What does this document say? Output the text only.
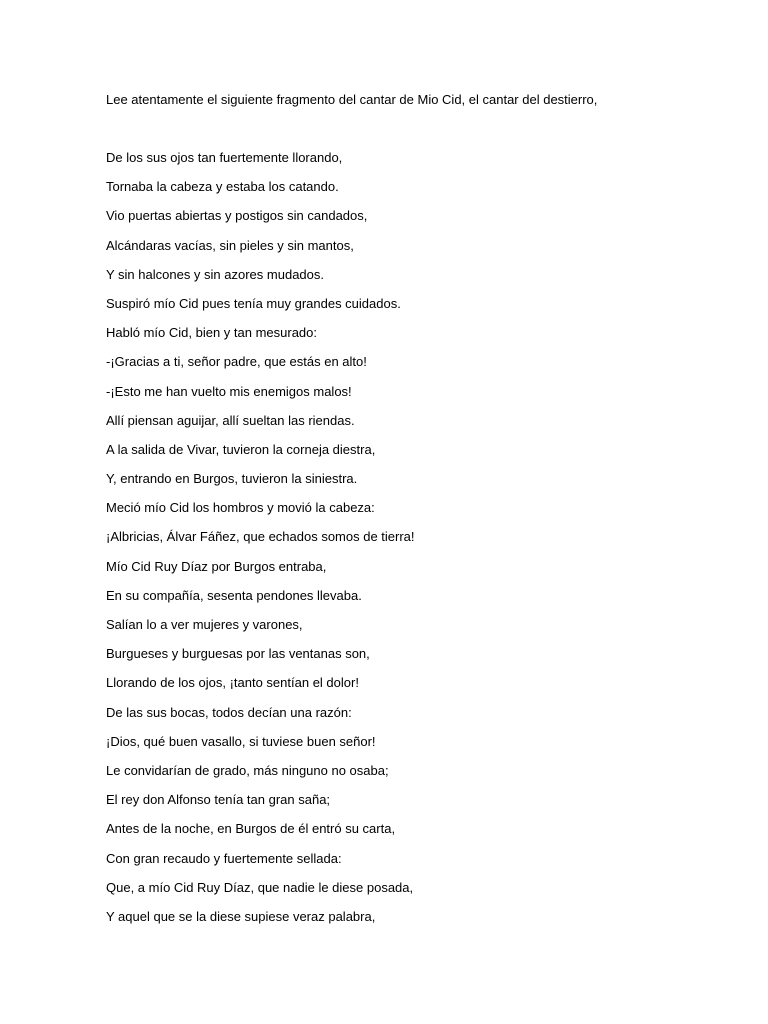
Lee atentamente el siguiente fragmento del cantar de Mio Cid, el cantar del destierro,

De los sus ojos tan fuertemente llorando,
Tornaba la cabeza y estaba los catando.
Vio puertas abiertas y postigos sin candados,
Alcándaras vacías, sin pieles y sin mantos,
Y sin halcones y sin azores mudados.
Suspiró mío Cid pues tenía muy grandes cuidados.
Habló mío Cid, bien y tan mesurado:
-¡Gracias a ti, señor padre, que estás en alto!
-¡Esto me han vuelto mis enemigos malos!
Allí piensan aguijar, allí sueltan las riendas.
A la salida de Vivar, tuvieron la corneja diestra,
Y, entrando en Burgos, tuvieron la siniestra.
Meció mío Cid los hombros y movió la cabeza:
¡Albricias, Álvar Fáñez, que echados somos de tierra!
Mío Cid Ruy Díaz por Burgos entraba,
En su compañía, sesenta pendones llevaba.
Salían lo a ver mujeres y varones,
Burgueses y burguesas por las ventanas son,
Llorando de los ojos, ¡tanto sentían el dolor!
De las sus bocas, todos decían una razón:
¡Dios, qué buen vasallo, si tuviese buen señor!
Le convidarían de grado, más ninguno no osaba;
El rey don Alfonso tenía tan gran saña;
Antes de la noche, en Burgos de él entró su carta,
Con gran recaudo y fuertemente sellada:
Que, a mío Cid Ruy Díaz, que nadie le diese posada,
Y aquel que se la diese supiese veraz palabra,
